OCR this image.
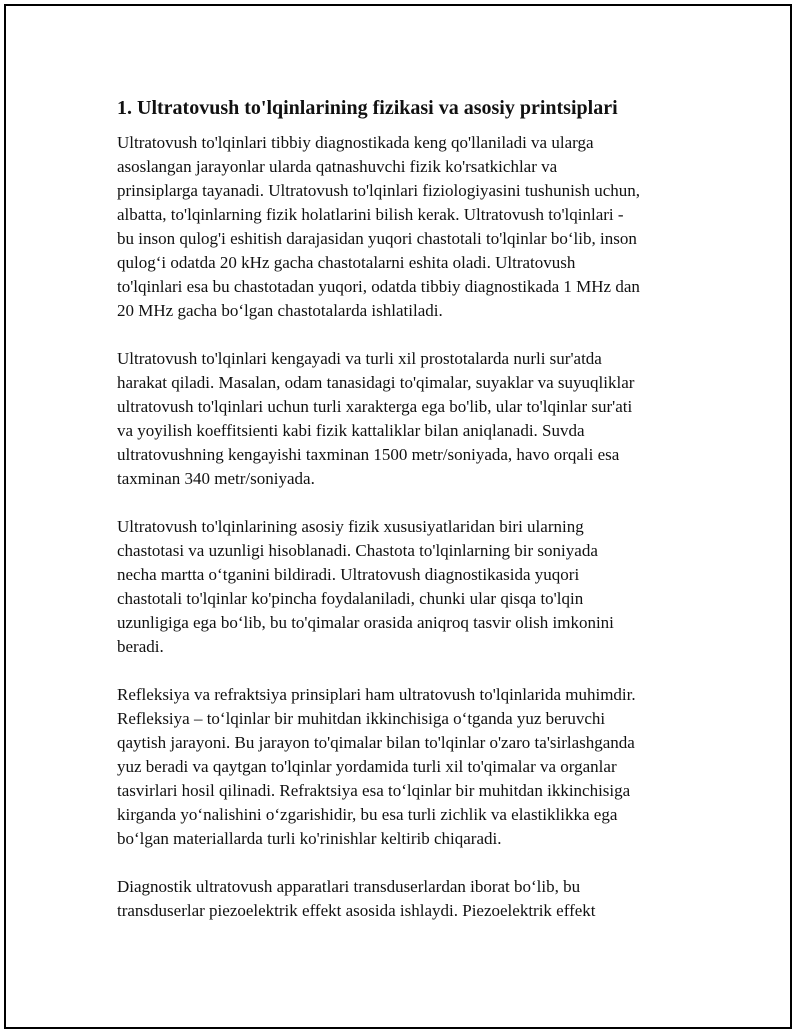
1. Ultratovush to'lqinlarining fizikasi va asosiy printsiplari

Ultratovush to'lqinlari tibbiy diagnostikada keng qo'llaniladi va ularga
asoslangan jarayonlar ularda qatnashuvchi fizik ko'rsatkichlar va
prinsiplarga tayanadi. Ultratovush to'lqinlari fiziologiyasini tushunish uchun,
albatta, to'lqinlarning fizik holatlarini bilish kerak. Ultratovush to'lqinlari -
bu inson qulog'i eshitish darajasidan yuqori chastotali to'lqinlar bo‘lib, inson
qulog‘i odatda 20 kHz gacha chastotalarni eshita oladi. Ultratovush
to'lqinlari esa bu chastotadan yuqori, odatda tibbiy diagnostikada 1 MHz dan
20 MHz gacha bo‘lgan chastotalarda ishlatiladi.

Ultratovush to'lqinlari kengayadi va turli xil prostotalarda nurli sur'atda
harakat qiladi. Masalan, odam tanasidagi to'qimalar, suyaklar va suyuqliklar
ultratovush to'lqinlari uchun turli xarakterga ega bo'lib, ular to'lqinlar sur'ati
va yoyilish koeffitsienti kabi fizik kattaliklar bilan aniqlanadi. Suvda
ultratovushning kengayishi taxminan 1500 metr/soniyada, havo orqali esa
taxminan 340 metr/soniyada.

Ultratovush to'lqinlarining asosiy fizik xususiyatlaridan biri ularning
chastotasi va uzunligi hisoblanadi. Chastota to'lqinlarning bir soniyada
necha martta o‘tganini bildiradi. Ultratovush diagnostikasida yuqori
chastotali to'lqinlar ko'pincha foydalaniladi, chunki ular qisqa to'lqin
uzunligiga ega bo‘lib, bu to'qimalar orasida aniqroq tasvir olish imkonini
beradi.

Refleksiya va refraktsiya prinsiplari ham ultratovush to'lqinlarida muhimdir.
Refleksiya – to‘lqinlar bir muhitdan ikkinchisiga o‘tganda yuz beruvchi
qaytish jarayoni. Bu jarayon to'qimalar bilan to'lqinlar o'zaro ta'sirlashganda
yuz beradi va qaytgan to'lqinlar yordamida turli xil to'qimalar va organlar
tasvirlari hosil qilinadi. Refraktsiya esa to‘lqinlar bir muhitdan ikkinchisiga
kirganda yo‘nalishini o‘zgarishidir, bu esa turli zichlik va elastiklikka ega
bo‘lgan materiallarda turli ko'rinishlar keltirib chiqaradi.

Diagnostik ultratovush apparatlari transduserlardan iborat bo‘lib, bu
transduserlar piezoelektrik effekt asosida ishlaydi. Piezoelektrik effekt
